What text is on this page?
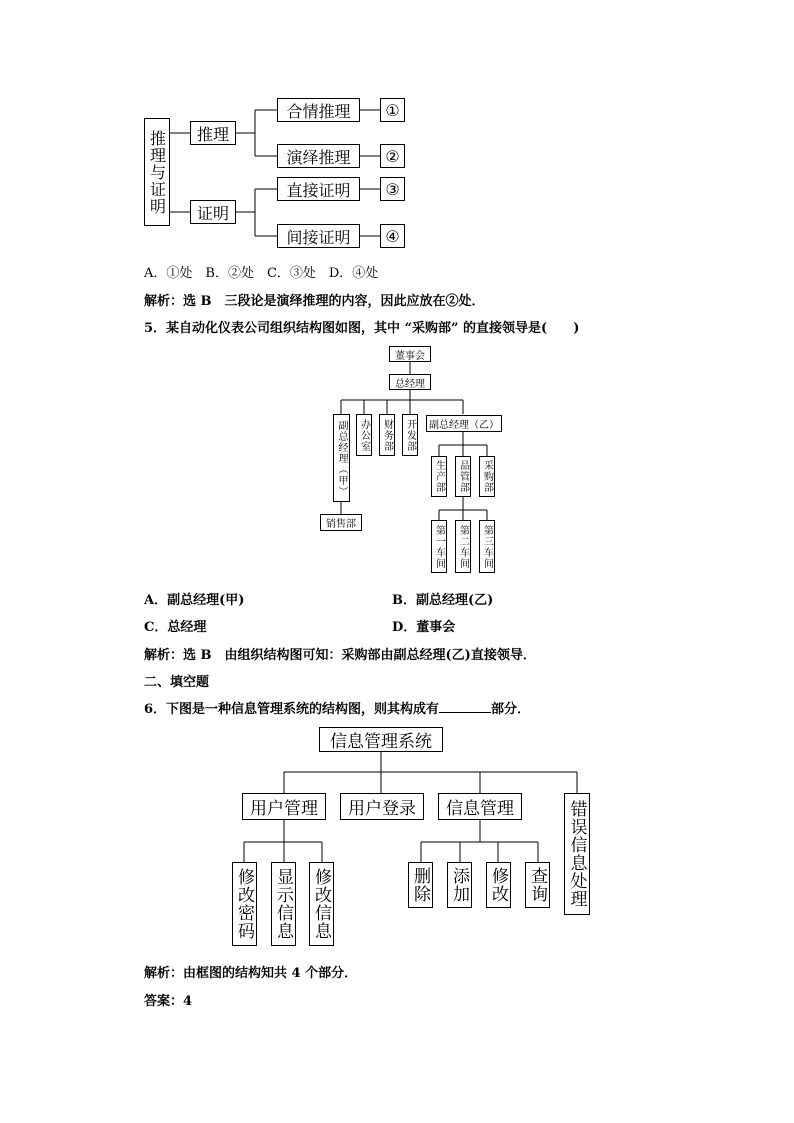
推理与证明	推理
证明
合情推理
演绎推理
直接证明
间接证明
①
②
③
④
A．①处　B．②处　C．③处　D．④处
解析：选 B　三段论是演绎推理的内容，因此应放在②处．
5．某自动化仪表公司组织结构图如图，其中 “采购部” 的直接领导是(　　)
董事会
总经理
副总经理（甲）	办公室 财务部 开发部	副总经理（乙）
生产部 品管部 采购部
销售部	第一车间 第二车间 第三车间
A．副总经理(甲)	B．副总经理(乙)
C．总经理	D．董事会
解析：选 B　由组织结构图可知：采购部由副总经理(乙)直接领导．
二、填空题
6．下图是一种信息管理系统的结构图，则其构成有	部分．
信息管理系统
用户管理	用户登录	信息管理	错误信息处理
修改密码 显示信息 修改信息	删除 添加 修改 查询
解析：由框图的结构知共 4 个部分．
答案：4
